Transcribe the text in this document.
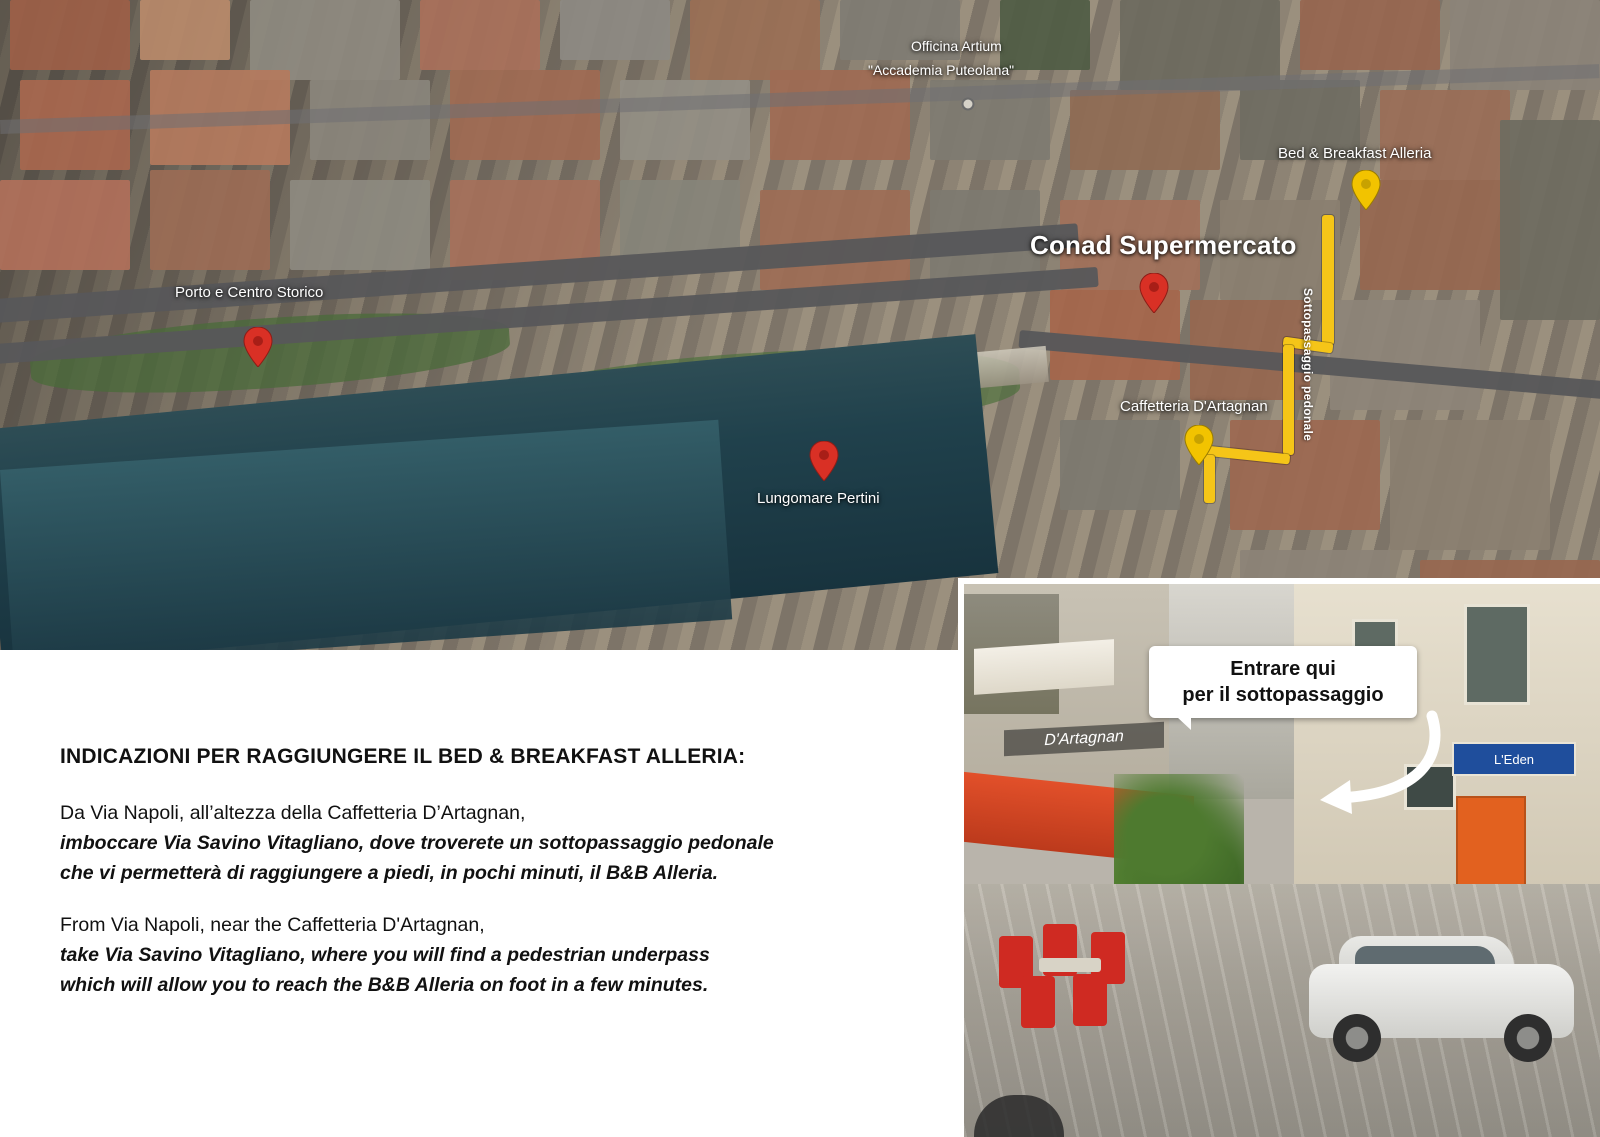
Sottopassaggio pedonale
Officina Artium
"Accademia Puteolana"
Bed & Breakfast Alleria
Conad Supermercato
Porto e Centro Storico
Caffetteria D'Artagnan
Lungomare Pertini
INDICAZIONI PER RAGGIUNGERE IL BED & BREAKFAST ALLERIA:
Da Via Napoli, all’altezza della Caffetteria D’Artagnan,
imboccare Via Savino Vitagliano, dove troverete un sottopassaggio pedonale
che vi permetterà di raggiungere a piedi, in pochi minuti, il B&B Alleria.
From Via Napoli, near the Caffetteria D'Artagnan,
take Via Savino Vitagliano, where you will find a pedestrian underpass
which will allow you to reach the B&B Alleria on foot in a few minutes.
L'Eden
D'Artagnan
Entrare qui
per il sottopassaggio
